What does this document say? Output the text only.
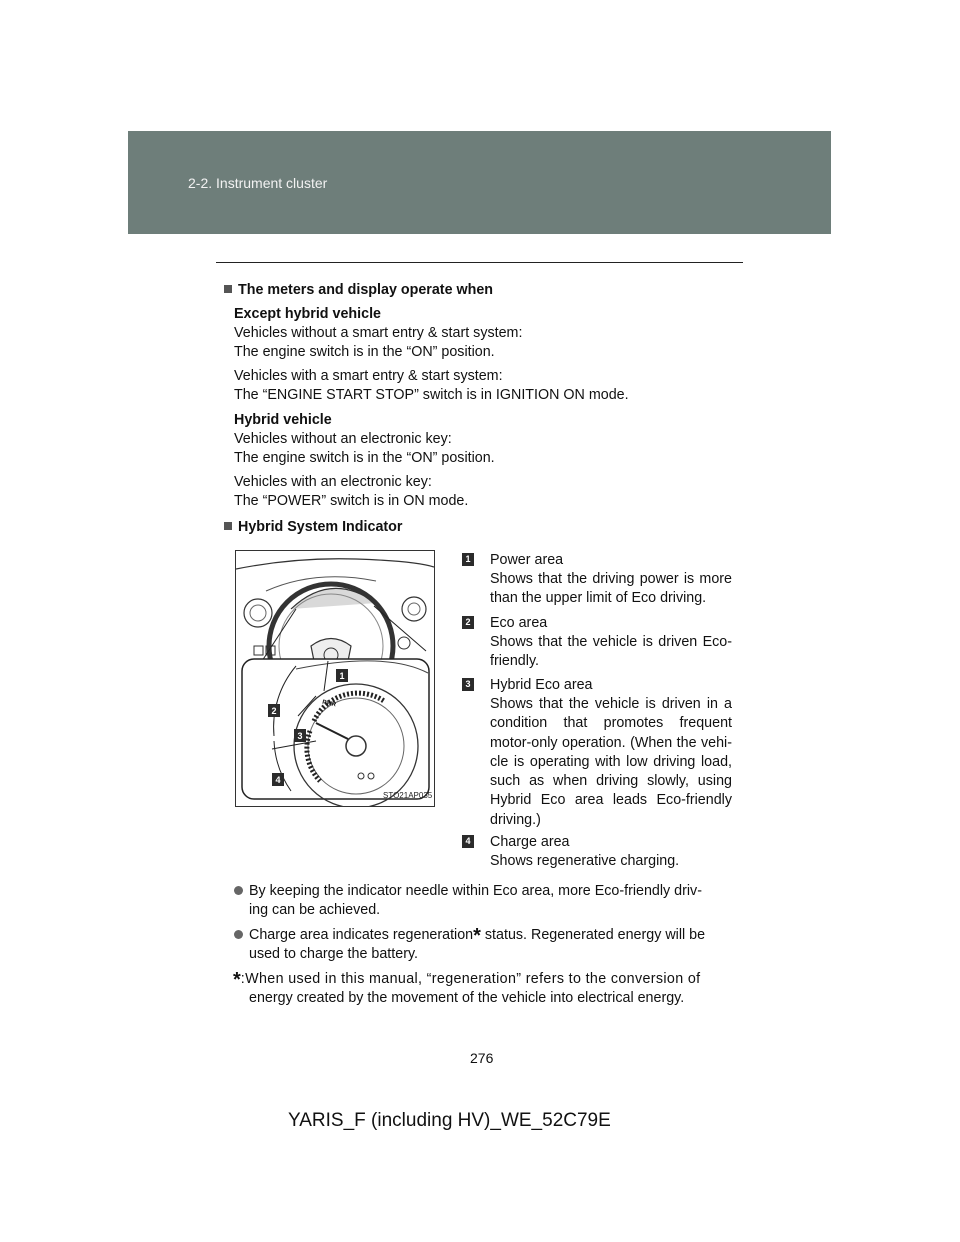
2-2. Instrument cluster
The meters and display operate when
Except hybrid vehicle
Vehicles without a smart entry & start system:
The engine switch is in the “ON” position.
Vehicles with a smart entry & start system:
The “ENGINE START STOP” switch is in IGNITION ON mode.
Hybrid vehicle
Vehicles without an electronic key:
The engine switch is in the “ON” position.
Vehicles with an electronic key:
The “POWER” switch is in ON mode.
Hybrid System Indicator
1
2
3
4
PWR
STO21AP035
1 Power area
Shows that the driving power is more than the upper limit of Eco driving.
2 Eco area
Shows that the vehicle is driven Eco-friendly.
3 Hybrid Eco area
Shows that the vehicle is driven in a condition that promotes frequent motor-only operation. (When the vehi-cle is operating with low driving load, such as when driving slowly, using Hybrid Eco area leads Eco-friendly driving.)
4 Charge area
Shows regenerative charging.
By keeping the indicator needle within Eco area, more Eco-friendly driv-
ing can be achieved.
Charge area indicates regeneration* status. Regenerated energy will be
used to charge the battery.
*:When used in this manual, “regeneration” refers to the conversion of
energy created by the movement of the vehicle into electrical energy.
276
YARIS_F (including HV)_WE_52C79E
